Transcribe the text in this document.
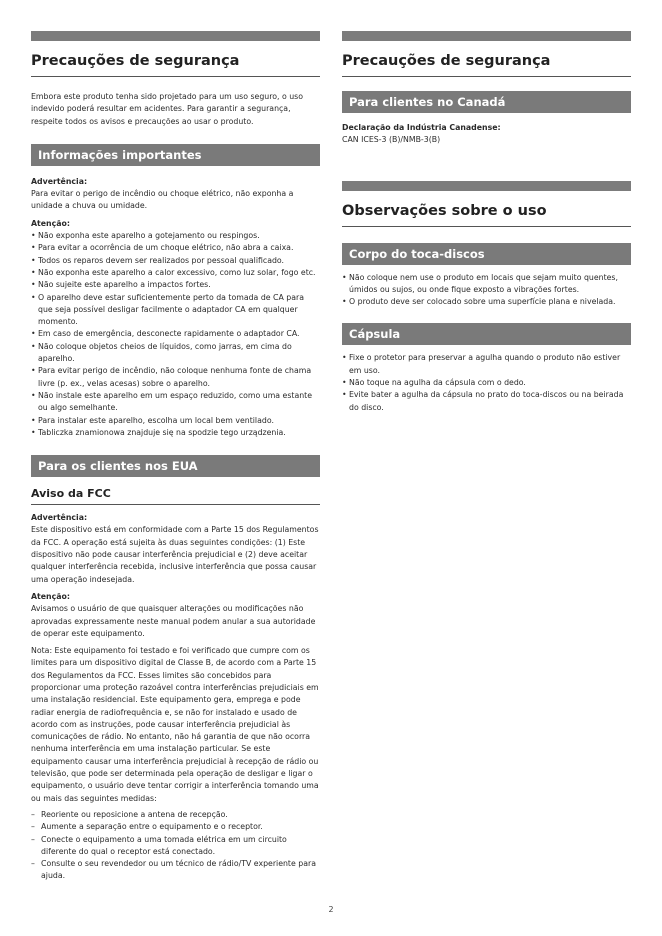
Precauções de segurança

Embora este produto tenha sido projetado para um uso seguro, o uso indevido poderá resultar em acidentes. Para garantir a segurança, respeite todos os avisos e precauções ao usar o produto.

Informações importantes

Advertência:

Para evitar o perigo de incêndio ou choque elétrico, não exponha a unidade a chuva ou umidade.

Atenção:

• Não exponha este aparelho a gotejamento ou respingos.
• Para evitar a ocorrência de um choque elétrico, não abra a caixa.
• Todos os reparos devem ser realizados por pessoal qualificado.
• Não exponha este aparelho a calor excessivo, como luz solar, fogo etc.
• Não sujeite este aparelho a impactos fortes.
• O aparelho deve estar suficientemente perto da tomada de CA para que seja possível desligar facilmente o adaptador CA em qualquer momento.
• Em caso de emergência, desconecte rapidamente o adaptador CA.
• Não coloque objetos cheios de líquidos, como jarras, em cima do aparelho.
• Para evitar perigo de incêndio, não coloque nenhuma fonte de chama livre (p. ex., velas acesas) sobre o aparelho.
• Não instale este aparelho em um espaço reduzido, como uma estante ou algo semelhante.
• Para instalar este aparelho, escolha um local bem ventilado.
• Tabliczka znamionowa znajduje się na spodzie tego urządzenia.
Para os clientes nos EUA
Aviso da FCC

Advertência:

Este dispositivo está em conformidade com a Parte 15 dos Regulamentos da FCC. A operação está sujeita às duas seguintes condições: (1) Este dispositivo não pode causar interferência prejudicial e (2) deve aceitar qualquer interferência recebida, inclusive interferência que possa causar uma operação indesejada.

Atenção:

Avisamos o usuário de que quaisquer alterações ou modificações não aprovadas expressamente neste manual podem anular a sua autoridade de operar este equipamento.

Nota: Este equipamento foi testado e foi verificado que cumpre com os limites para um dispositivo digital de Classe B, de acordo com a Parte 15 dos Regulamentos da FCC. Esses limites são concebidos para proporcionar uma proteção razoável contra interferências prejudiciais em uma instalação residencial. Este equipamento gera, emprega e pode radiar energia de radiofrequência e, se não for instalado e usado de acordo com as instruções, pode causar interferência prejudicial às comunicações de rádio. No entanto, não há garantia de que não ocorra nenhuma interferência em uma instalação particular. Se este equipamento causar uma interferência prejudicial à recepção de rádio ou televisão, que pode ser determinada pela operação de desligar e ligar o equipamento, o usuário deve tentar corrigir a interferência tomando uma ou mais das seguintes medidas:

– Reoriente ou reposicione a antena de recepção.
– Aumente a separação entre o equipamento e o receptor.
– Conecte o equipamento a uma tomada elétrica em um circuito diferente do qual o receptor está conectado.
– Consulte o seu revendedor ou um técnico de rádio/TV experiente para ajuda.
Precauções de segurança
Para clientes no Canadá

Declaração da Indústria Canadense:

CAN ICES-3 (B)/NMB-3(B)

Observações sobre o uso
Corpo do toca-discos
• Não coloque nem use o produto em locais que sejam muito quentes, úmidos ou sujos, ou onde fique exposto a vibrações fortes.
• O produto deve ser colocado sobre uma superfície plana e nivelada.
Cápsula
• Fixe o protetor para preservar a agulha quando o produto não estiver em uso.
• Não toque na agulha da cápsula com o dedo.
• Evite bater a agulha da cápsula no prato do toca-discos ou na beirada do disco.
2
